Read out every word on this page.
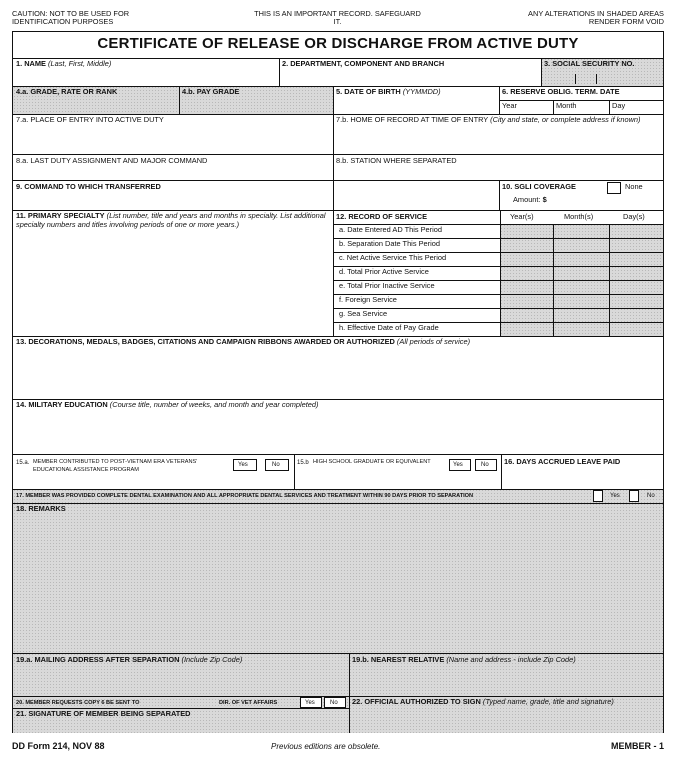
CAUTION: NOT TO BE USED FOR IDENTIFICATION PURPOSES
THIS IS AN IMPORTANT RECORD. SAFEGUARD IT.
ANY ALTERATIONS IN SHADED AREAS RENDER FORM VOID
CERTIFICATE OF RELEASE OR DISCHARGE FROM ACTIVE DUTY
1. NAME (Last, First, Middle)	2. DEPARTMENT, COMPONENT AND BRANCH	3. SOCIAL SECURITY NO.
4.a. GRADE, RATE OR RANK	4.b. PAY GRADE	5. DATE OF BIRTH (YYMMDD)	6. RESERVE OBLIG. TERM. DATE
Year	Month	Day
7.a. PLACE OF ENTRY INTO ACTIVE DUTY	7.b. HOME OF RECORD AT TIME OF ENTRY (City and state, or complete address if known)
8.a. LAST DUTY ASSIGNMENT AND MAJOR COMMAND	8.b. STATION WHERE SEPARATED
9. COMMAND TO WHICH TRANSFERRED	10. SGLI COVERAGE	None
Amount: $
11. PRIMARY SPECIALTY (List number, title and years and months in specialty. List additional specialty numbers and titles involving periods of one or more years.)
12. RECORD OF SERVICE	Year(s)	Month(s)	Day(s)
a. Date Entered AD This Period
b. Separation Date This Period
c. Net Active Service This Period
d. Total Prior Active Service
e. Total Prior Inactive Service
f. Foreign Service
g. Sea Service
h. Effective Date of Pay Grade
13. DECORATIONS, MEDALS, BADGES, CITATIONS AND CAMPAIGN RIBBONS AWARDED OR AUTHORIZED (All periods of service)
14. MILITARY EDUCATION (Course title, number of weeks, and month and year completed)
15.a. MEMBER CONTRIBUTED TO POST-VIETNAM ERA VETERANS' EDUCATIONAL ASSISTANCE PROGRAM
Yes	No	15.b HIGH SCHOOL GRADUATE OR EQUIVALENT	Yes	No 16. DAYS ACCRUED LEAVE PAID
17. MEMBER WAS PROVIDED COMPLETE DENTAL EXAMINATION AND ALL APPROPRIATE DENTAL SERVICES AND TREATMENT WITHIN 90 DAYS PRIOR TO SEPARATION	Yes	No
18. REMARKS
19.a. MAILING ADDRESS AFTER SEPARATION (Include Zip Code)	19.b. NEAREST RELATIVE (Name and address - include Zip Code)
20. MEMBER REQUESTS COPY 6 BE SENT TO	DIR. OF VET AFFAIRS	Yes	No
21. SIGNATURE OF MEMBER BEING SEPARATED
22. OFFICIAL AUTHORIZED TO SIGN (Typed name, grade, title and signature)
DD Form 214, NOV 88	Previous editions are obsolete.	MEMBER - 1
